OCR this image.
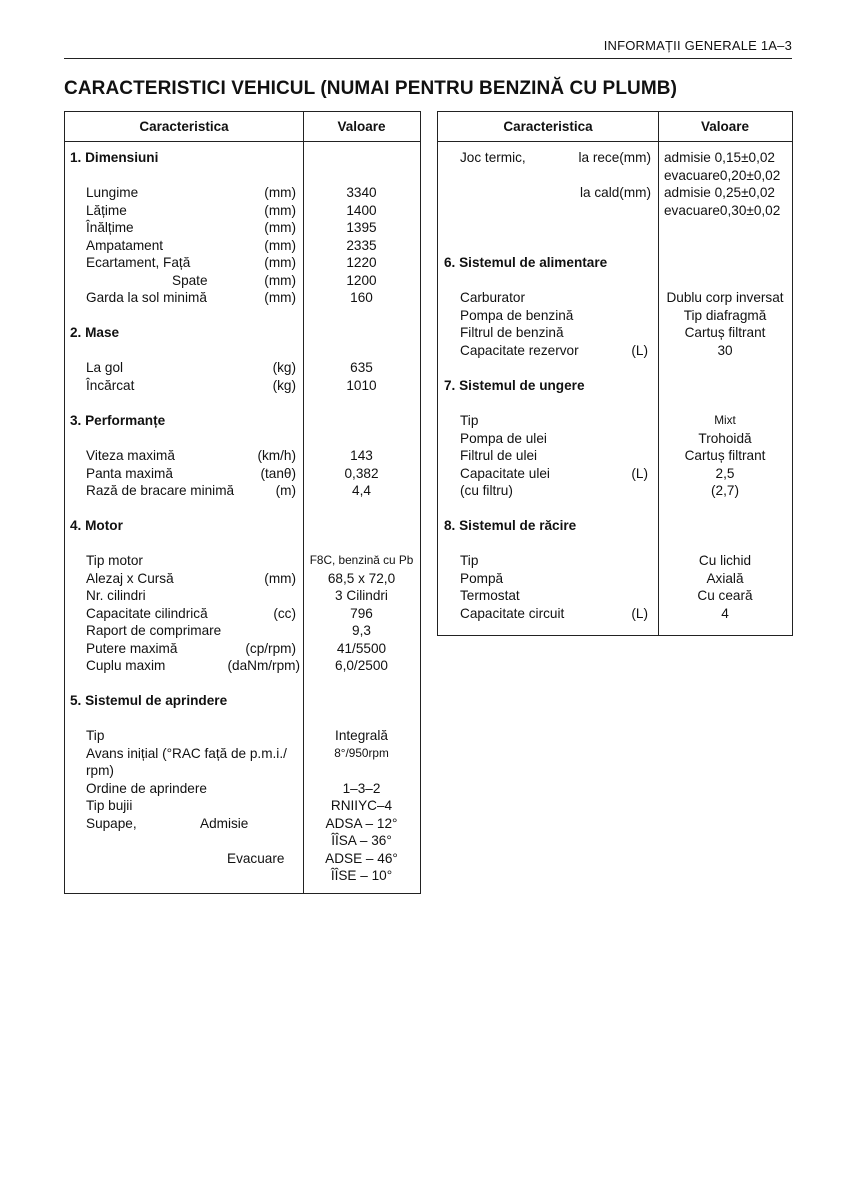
INFORMAȚII GENERALE 1A–3
CARACTERISTICI VEHICUL (NUMAI PENTRU BENZINĂ CU PLUMB)
Caracteristica	Valoare
1. Dimensiuni
Lungime	(mm)	3340
Lățime	(mm)	1400
Înălțime	(mm)	1395
Ampatament	(mm)	2335
Ecartament, Față	(mm)	1220
Spate	(mm)	1200
Garda la sol minimă	(mm)	160
2. Mase
La gol	(kg)	635
Încărcat	(kg)	1010
3. Performanțe
Viteza maximă	(km/h)	143
Panta maximă	(tanθ)	0,382
Rază de bracare minimă	(m)	4,4
4. Motor
Tip motor	F8C, benzină cu Pb
Alezaj x Cursă	(mm)	68,5 x 72,0
Nr. cilindri	3 Cilindri
Capacitate cilindrică	(cc)	796
Raport de comprimare	9,3
Putere maximă	(cp/rpm)	41/5500
Cuplu maxim	(daNm/rpm)	6,0/2500
5. Sistemul de aprindere
Tip	Integrală
Avans inițial (°RAC față de p.m.i./	8°/950rpm
rpm)
Ordine de aprindere	1–3–2
Tip bujii	RNIIYC–4
Supape,	Admisie	ADSA – 12°
ÎÎSA – 36°
Evacuare	ADSE – 46°
ÎÎSE – 10°
Caracteristica	Valoare
Joc termic,	la rece(mm) admisie 0,15±0,02
evacuare0,20±0,02
la cald(mm) admisie 0,25±0,02
evacuare0,30±0,02
6. Sistemul de alimentare
Carburator	Dublu corp inversat
Pompa de benzină	Tip diafragmă
Filtrul de benzină	Cartuș filtrant
Capacitate rezervor	(L)	30
7. Sistemul de ungere
Tip	Mixt
Pompa de ulei	Trohoidă
Filtrul de ulei	Cartuș filtrant
Capacitate ulei	(L)	2,5
(cu filtru)	(2,7)
8. Sistemul de răcire
Tip	Cu lichid
Pompă	Axială
Termostat	Cu ceară
Capacitate circuit	(L)	4
